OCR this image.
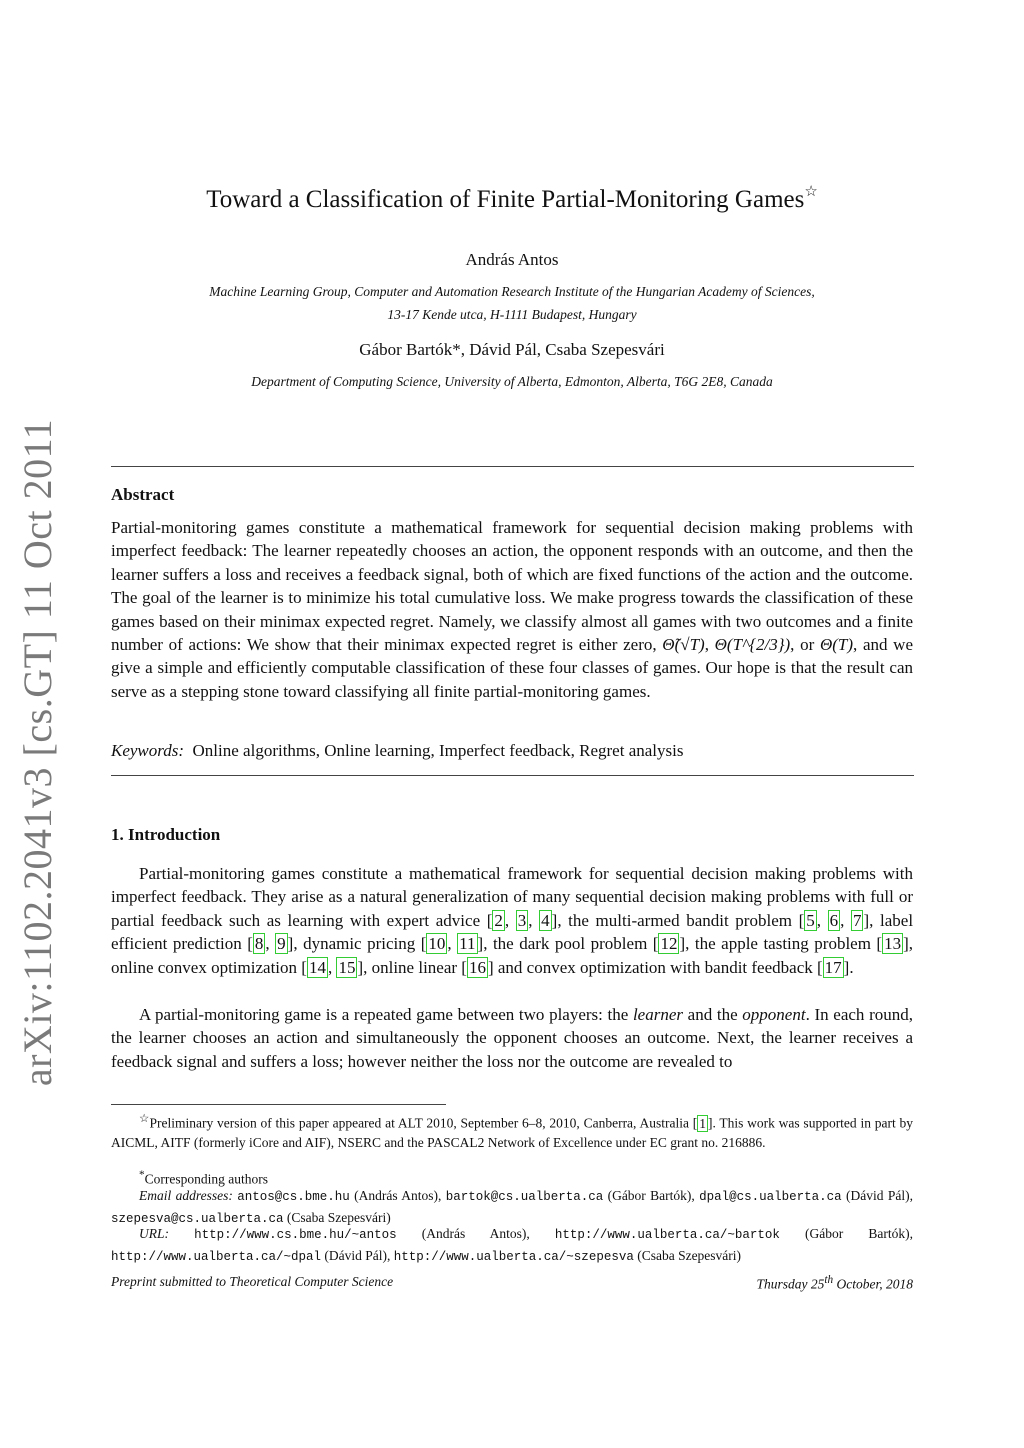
arXiv:1102.2041v3 [cs.GT] 11 Oct 2011
Toward a Classification of Finite Partial-Monitoring Games☆
András Antos
Machine Learning Group, Computer and Automation Research Institute of the Hungarian Academy of Sciences,
13-17 Kende utca, H-1111 Budapest, Hungary
Gábor Bartók*, Dávid Pál, Csaba Szepesvári
Department of Computing Science, University of Alberta, Edmonton, Alberta, T6G 2E8, Canada
Abstract

Partial-monitoring games constitute a mathematical framework for sequential decision making problems with imperfect feedback: The learner repeatedly chooses an action, the opponent responds with an outcome, and then the learner suffers a loss and receives a feedback signal, both of which are fixed functions of the action and the outcome. The goal of the learner is to minimize his total cumulative loss. We make progress towards the classification of these games based on their minimax expected regret. Namely, we classify almost all games with two outcomes and a finite number of actions: We show that their minimax expected regret is either zero, Θ̃(√T), Θ(T^{2/3}), or Θ(T), and we give a simple and efficiently computable classification of these four classes of games. Our hope is that the result can serve as a stepping stone toward classifying all finite partial-monitoring games.

Keywords: Online algorithms, Online learning, Imperfect feedback, Regret analysis
1. Introduction

Partial-monitoring games constitute a mathematical framework for sequential decision making problems with imperfect feedback. They arise as a natural generalization of many sequential decision making problems with full or partial feedback such as learning with expert advice [ 2 , 3 , 4 ], the multi-armed bandit problem [ 5 , 6 , 7 ], label efficient prediction [ 8 , 9 ], dynamic pricing [ 10 , 11 ], the dark pool problem [ 12 ], the apple tasting problem [ 13 ], online convex optimization [ 14 , 15 ], online linear [ 16 ] and convex optimization with bandit feedback [ 17 ].

A partial-monitoring game is a repeated game between two players: the learner and the opponent. In each round, the learner chooses an action and simultaneously the opponent chooses an outcome. Next, the learner receives a feedback signal and suffers a loss; however neither the loss nor the outcome are revealed to

☆Preliminary version of this paper appeared at ALT 2010, September 6–8, 2010, Canberra, Australia [ 1 ]. This work was supported in part by AICML, AITF (formerly iCore and AIF), NSERC and the PASCAL2 Network of Excellence under EC grant no. 216886.

*Corresponding authors

Email addresses: antos@cs.bme.hu (András Antos), bartok@cs.ualberta.ca (Gábor Bartók), dpal@cs.ualberta.ca (Dávid Pál), szepesva@cs.ualberta.ca (Csaba Szepesvári)

URL: http://www.cs.bme.hu/~antos (András Antos), http://www.ualberta.ca/~bartok (Gábor Bartók), http://www.ualberta.ca/~dpal (Dávid Pál), http://www.ualberta.ca/~szepesva (Csaba Szepesvári)

Preprint submitted to Theoretical Computer Science	Thursday 25th October, 2018
